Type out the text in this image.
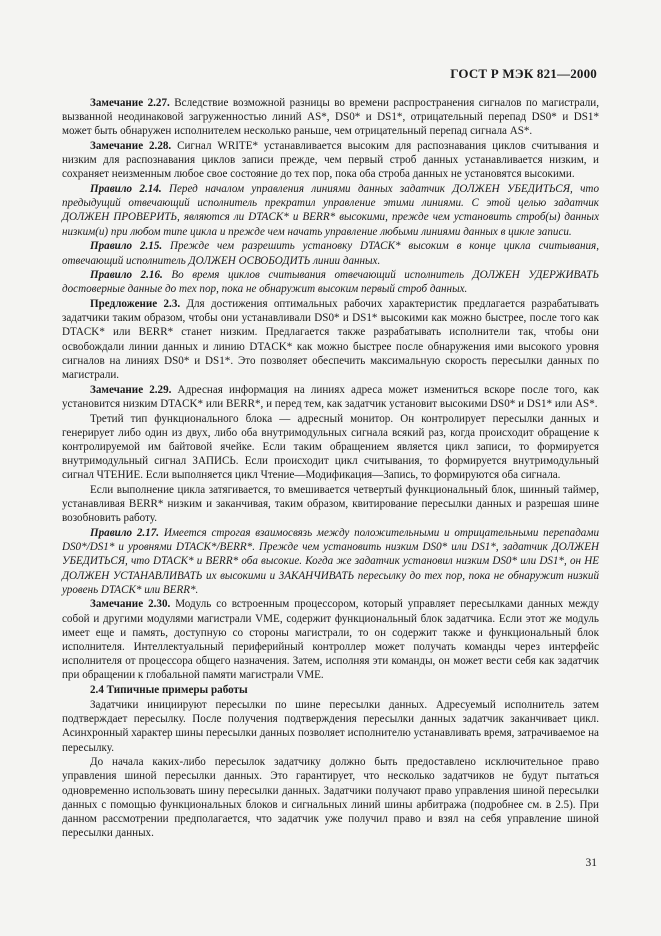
ГОСТ Р МЭК 821—2000

Замечание 2.27. Вследствие возможной разницы во времени распространения сигналов по магистрали, вызванной неодинаковой загруженностью линий AS*, DS0* и DS1*, отрицательный перепад DS0* и DS1* может быть обнаружен исполнителем несколько раньше, чем отрицательный перепад сигнала AS*.

Замечание 2.28. Сигнал WRITE* устанавливается высоким для распознавания циклов считывания и низким для распознавания циклов записи прежде, чем первый строб данных устанавливается низким, и сохраняет неизменным любое свое состояние до тех пор, пока оба строба данных не установятся высокими.

Правило 2.14. Перед началом управления линиями данных задатчик ДОЛЖЕН УБЕДИТЬСЯ, что предыдущий отвечающий исполнитель прекратил управление этими линиями. С этой целью задатчик ДОЛЖЕН ПРОВЕРИТЬ, являются ли DTACK* и BERR* высокими, прежде чем установить строб(ы) данных низким(и) при любом типе цикла и прежде чем начать управление любыми линиями данных в цикле записи.

Правило 2.15. Прежде чем разрешить установку DTACK* высоким в конце цикла считывания, отвечающий исполнитель ДОЛЖЕН ОСВОБОДИТЬ линии данных.

Правило 2.16. Во время циклов считывания отвечающий исполнитель ДОЛЖЕН УДЕРЖИВАТЬ достоверные данные до тех пор, пока не обнаружит высоким первый строб данных.

Предложение 2.3. Для достижения оптимальных рабочих характеристик предлагается разрабатывать задатчики таким образом, чтобы они устанавливали DS0* и DS1* высокими как можно быстрее, после того как DTACK* или BERR* станет низким. Предлагается также разрабатывать исполнители так, чтобы они освобождали линии данных и линию DTACK* как можно быстрее после обнаружения ими высокого уровня сигналов на линиях DS0* и DS1*. Это позволяет обеспечить максимальную скорость пересылки данных по магистрали.

Замечание 2.29. Адресная информация на линиях адреса может измениться вскоре после того, как установится низким DTACK* или BERR*, и перед тем, как задатчик установит высокими DS0* и DS1* или AS*.

Третий тип функционального блока — адресный монитор. Он контролирует пересылки данных и генерирует либо один из двух, либо оба внутримодульных сигнала всякий раз, когда происходит обращение к контролируемой им байтовой ячейке. Если таким обращением является цикл записи, то формируется внутримодульный сигнал ЗАПИСЬ. Если происходит цикл считывания, то формируется внутримодульный сигнал ЧТЕНИЕ. Если выполняется цикл Чтение—Модификация—Запись, то формируются оба сигнала.

Если выполнение цикла затягивается, то вмешивается четвертый функциональный блок, шинный таймер, устанавливая BERR* низким и заканчивая, таким образом, квитирование пересылки данных и разрешая шине возобновить работу.

Правило 2.17. Имеется строгая взаимосвязь между положительными и отрицательными перепадами DS0*/DS1* и уровнями DTACK*/BERR*. Прежде чем установить низким DS0* или DS1*, задатчик ДОЛЖЕН УБЕДИТЬСЯ, что DTACK* и BERR* оба высокие. Когда же задатчик установил низким DS0* или DS1*, он НЕ ДОЛЖЕН УСТАНАВЛИВАТЬ их высокими и ЗАКАНЧИВАТЬ пересылку до тех пор, пока не обнаружит низкий уровень DTACK* или BERR*.

Замечание 2.30. Модуль со встроенным процессором, который управляет пересылками данных между собой и другими модулями магистрали VME, содержит функциональный блок задатчика. Если этот же модуль имеет еще и память, доступную со стороны магистрали, то он содержит также и функциональный блок исполнителя. Интеллектуальный периферийный контроллер может получать команды через интерфейс исполнителя от процессора общего назначения. Затем, исполняя эти команды, он может вести себя как задатчик при обращении к глобальной памяти магистрали VME.

2.4 Типичные примеры работы

Задатчики инициируют пересылки по шине пересылки данных. Адресуемый исполнитель затем подтверждает пересылку. После получения подтверждения пересылки данных задатчик заканчивает цикл. Асинхронный характер шины пересылки данных позволяет исполнителю устанавливать время, затрачиваемое на пересылку.

До начала каких-либо пересылок задатчику должно быть предоставлено исключительное право управления шиной пересылки данных. Это гарантирует, что несколько задатчиков не будут пытаться одновременно использовать шину пересылки данных. Задатчики получают право управления шиной пересылки данных с помощью функциональных блоков и сигнальных линий шины арбитража (подробнее см. в 2.5). При данном рассмотрении предполагается, что задатчик уже получил право и взял на себя управление шиной пересылки данных.

31
